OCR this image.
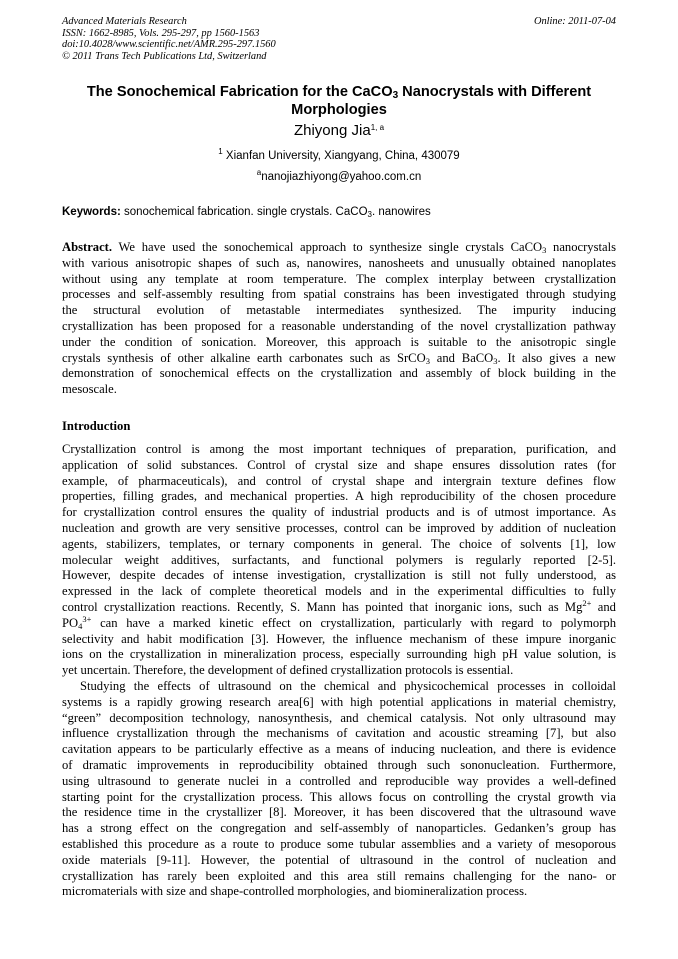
Advanced Materials Research
ISSN: 1662-8985, Vols. 295-297, pp 1560-1563
doi:10.4028/www.scientific.net/AMR.295-297.1560
© 2011 Trans Tech Publications Ltd, Switzerland
Online: 2011-07-04
The Sonochemical Fabrication for the CaCO$_3$ Nanocrystals with Different
Morphologies
Zhiyong Jia$^{1, a}$
$^1$ Xianfan University, Xiangyang, China, 430079
$^a$nanojiazhiyong@yahoo.com.cn
Keywords: sonochemical fabrication. single crystals. CaCO$_3$. nanowires
Abstract. We have used the sonochemical approach to synthesize single crystals CaCO$_3$ nanocrystals
with various anisotropic shapes of such as, nanowires, nanosheets and unusually obtained nanoplates
without using any template at room temperature. The complex interplay between crystallization
processes and self-assembly resulting from spatial constrains has been investigated through studying
the structural evolution of metastable intermediates synthesized. The impurity inducing
crystallization has been proposed for a reasonable understanding of the novel crystallization pathway
under the condition of sonication. Moreover, this approach is suitable to the anisotropic single
crystals synthesis of other alkaline earth carbonates such as SrCO$_3$ and BaCO$_3$. It also gives a new
demonstration of sonochemical effects on the crystallization and assembly of block building in the
mesoscale.
Introduction
Crystallization control is among the most important techniques of preparation, purification, and
application of solid substances. Control of crystal size and shape ensures dissolution rates (for
example, of pharmaceuticals), and control of crystal shape and intergrain texture defines flow
properties, filling grades, and mechanical properties. A high reproducibility of the chosen procedure
for crystallization control ensures the quality of industrial products and is of utmost importance. As
nucleation and growth are very sensitive processes, control can be improved by addition of nucleation
agents, stabilizers, templates, or ternary components in general. The choice of solvents [1], low
molecular weight additives, surfactants, and functional polymers is regularly reported [2-5].
However, despite decades of intense investigation, crystallization is still not fully understood, as
expressed in the lack of complete theoretical models and in the experimental difficulties to fully
control crystallization reactions. Recently, S. Mann has pointed that inorganic ions, such as $Mg^{2+}$ and
$PO_4^{3+}$ can have a marked kinetic effect on crystallization, particularly with regard to polymorph
selectivity and habit modification [3]. However, the influence mechanism of these impure inorganic
ions on the crystallization in mineralization process, especially surrounding high pH value solution, is
yet uncertain. Therefore, the development of defined crystallization protocols is essential.
Studying the effects of ultrasound on the chemical and physicochemical processes in colloidal
systems is a rapidly growing research area[6] with high potential applications in material chemistry,
“green” decomposition technology, nanosynthesis, and chemical catalysis. Not only ultrasound may
influence crystallization through the mechanisms of cavitation and acoustic streaming [7], but also
cavitation appears to be particularly effective as a means of inducing nucleation, and there is evidence
of dramatic improvements in reproducibility obtained through such sononucleation. Furthermore,
using ultrasound to generate nuclei in a controlled and reproducible way provides a well-defined
starting point for the crystallization process. This allows focus on controlling the crystal growth via
the residence time in the crystallizer [8]. Moreover, it has been discovered that the ultrasound wave
has a strong effect on the congregation and self-assembly of nanoparticles. Gedanken’s group has
established this procedure as a route to produce some tubular assemblies and a variety of mesoporous
oxide materials [9-11]. However, the potential of ultrasound in the control of nucleation and
crystallization has rarely been exploited and this area still remains challenging for the nano- or
micromaterials with size and shape-controlled morphologies, and biomineralization process.
